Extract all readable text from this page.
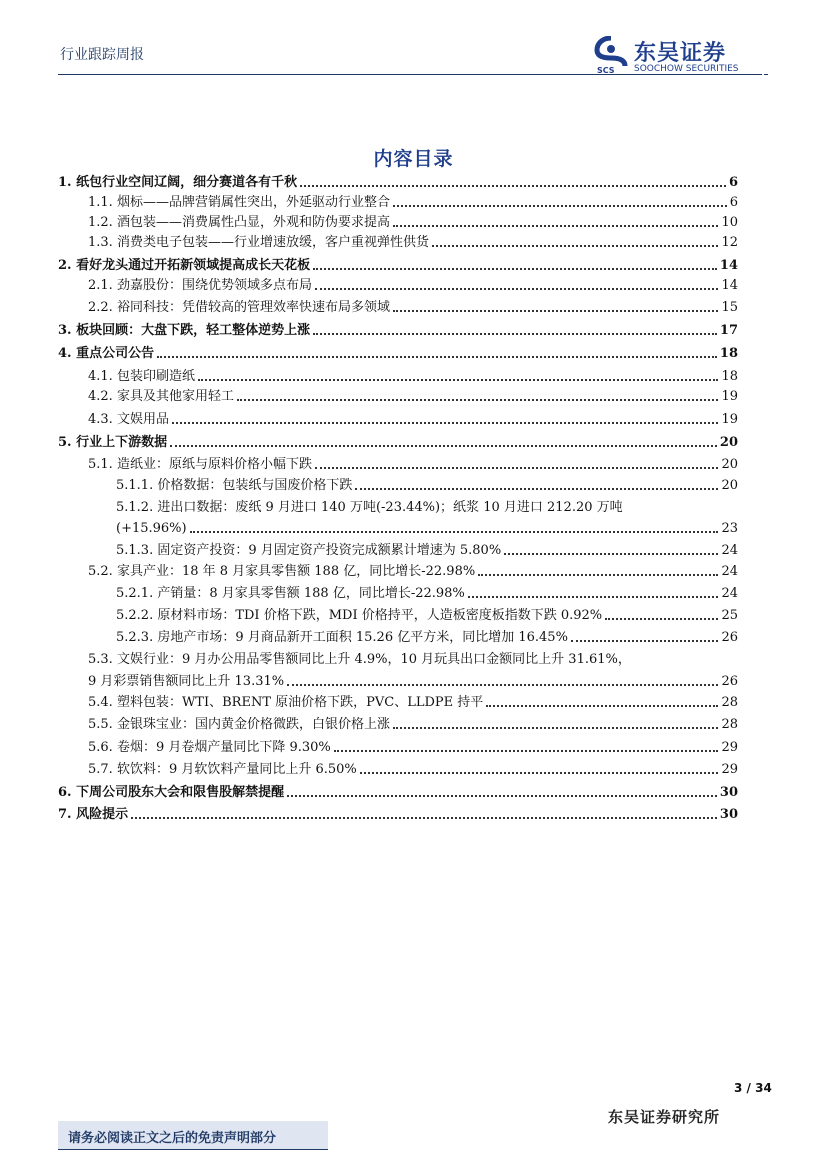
行业跟踪周报
SCS
东吴证券
SOOCHOW SECURITIES
内容目录
1. 纸包行业空间辽阔，细分赛道各有千秋	6
1.1. 烟标——品牌营销属性突出，外延驱动行业整合	6
1.2. 酒包装——消费属性凸显，外观和防伪要求提高	10
1.3. 消费类电子包装——行业增速放缓，客户重视弹性供货	12
2. 看好龙头通过开拓新领域提高成长天花板	14
2.1. 劲嘉股份：围绕优势领域多点布局	14
2.2. 裕同科技：凭借较高的管理效率快速布局多领域	15
3. 板块回顾：大盘下跌，轻工整体逆势上涨	17
4. 重点公司公告	18
4.1. 包装印刷造纸	18
4.2. 家具及其他家用轻工	19
4.3. 文娱用品	19
5. 行业上下游数据	20
5.1. 造纸业：原纸与原料价格小幅下跌	20
5.1.1. 价格数据：包装纸与国废价格下跌	20
5.1.2. 进出口数据：废纸 9 月进口 140 万吨(-23.44%)；纸浆 10 月进口 212.20 万吨
(+15.96%)	23
5.1.3. 固定资产投资：9 月固定资产投资完成额累计增速为 5.80%	24
5.2. 家具产业：18 年 8 月家具零售额 188 亿，同比增长-22.98%	24
5.2.1. 产销量：8 月家具零售额 188 亿，同比增长-22.98%	24
5.2.2. 原材料市场：TDI 价格下跌，MDI 价格持平，人造板密度板指数下跌 0.92%	25
5.2.3. 房地产市场：9 月商品新开工面积 15.26 亿平方米，同比增加 16.45%	26
5.3. 文娱行业：9 月办公用品零售额同比上升 4.9%，10 月玩具出口金额同比上升 31.61%，
9 月彩票销售额同比上升 13.31%	26
5.4. 塑料包装：WTI、BRENT 原油价格下跌，PVC、LLDPE 持平	28
5.5. 金银珠宝业：国内黄金价格微跌，白银价格上涨	28
5.6. 卷烟：9 月卷烟产量同比下降 9.30%	29
5.7. 软饮料：9 月软饮料产量同比上升 6.50%	29
6. 下周公司股东大会和限售股解禁提醒	30
7. 风险提示	30
3 / 34
东吴证券研究所
请务必阅读正文之后的免责声明部分
